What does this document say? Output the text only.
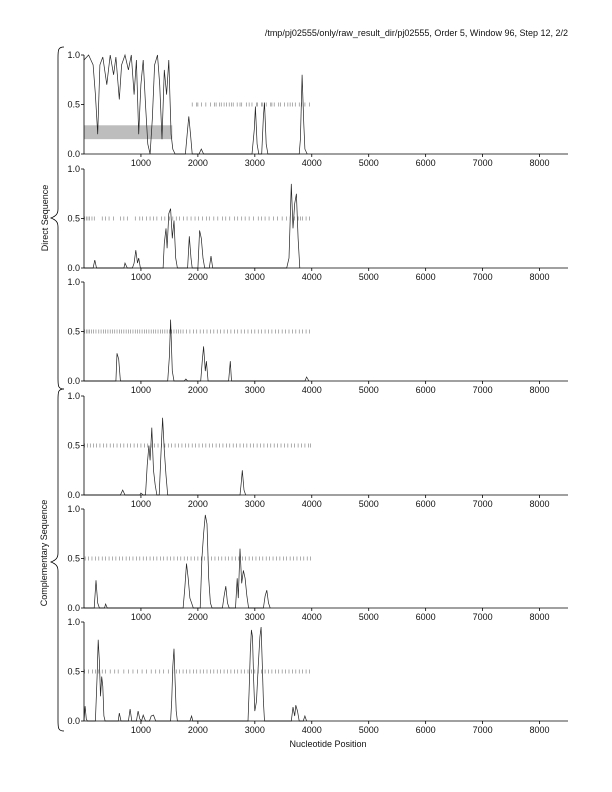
0.0
0.5
1.0
1000	2000	3000	4000	5000	6000	7000	8000
0.0
0.5
1.0
1000	2000	3000	4000	5000	6000	7000	8000
0.0
0.5
1.0
1000	2000	3000	4000	5000	6000	7000	8000
0.0
0.5
1.0
1000	2000	3000	4000	5000	6000	7000	8000
0.0
0.5
1.0
1000	2000	3000	4000	5000	6000	7000	8000
0.0
0.5
1.0
1000	2000	3000	4000	5000	6000	7000	8000
/tmp/pj02555/only/raw_result_dir/pj02555, Order 5, Window 96, Step 12, 2/2
Direct Sequence
Complementary Sequence
Nucleotide Position
